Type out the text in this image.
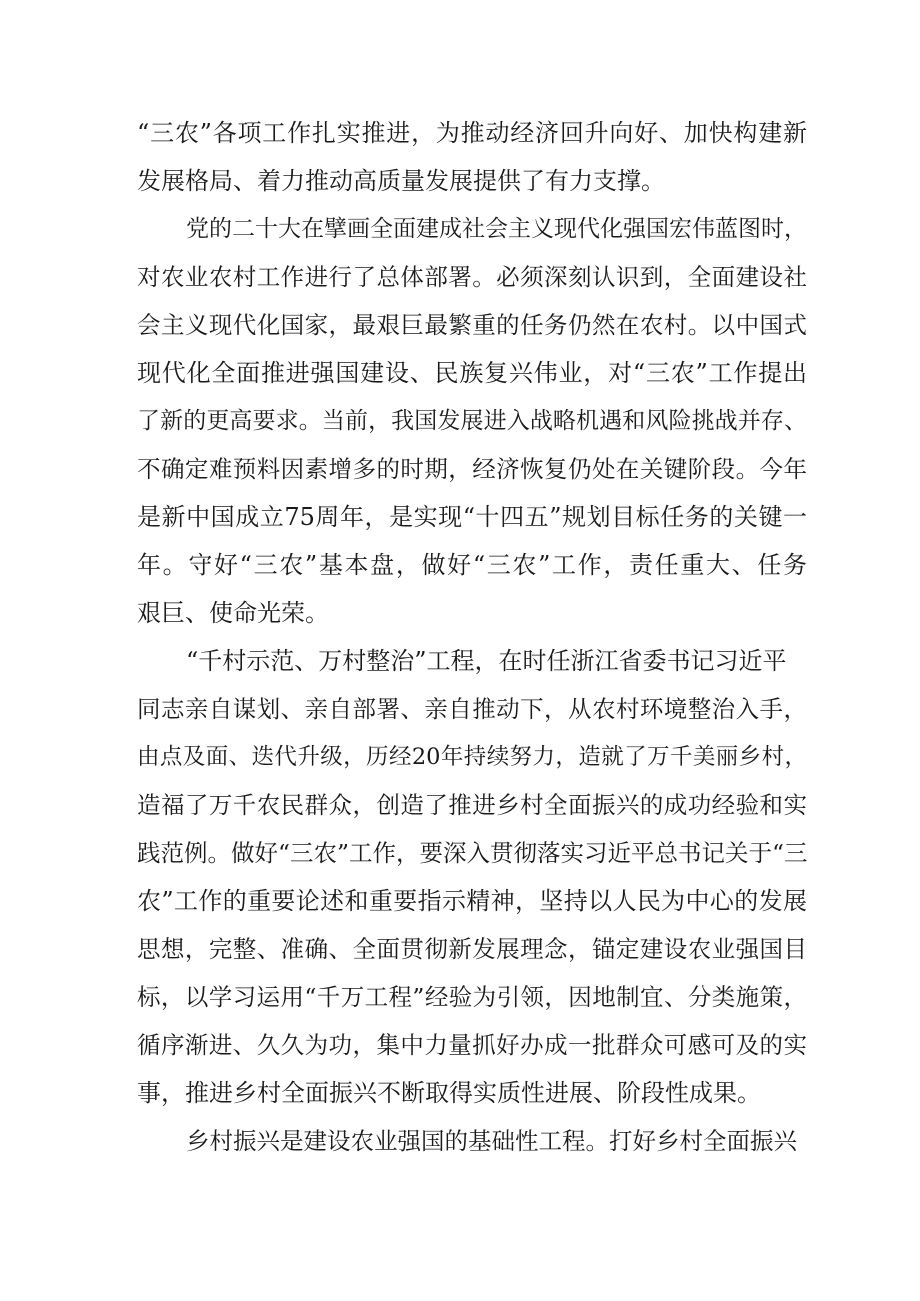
“三农”各项工作扎实推进，为推动经济回升向好、加快构建新
发展格局、着力推动高质量发展提供了有力支撑。
党的二十大在擘画全面建成社会主义现代化强国宏伟蓝图时，
对农业农村工作进行了总体部署。必须深刻认识到，全面建设社
会主义现代化国家，最艰巨最繁重的任务仍然在农村。以中国式
现代化全面推进强国建设、民族复兴伟业，对“三农”工作提出
了新的更高要求。当前，我国发展进入战略机遇和风险挑战并存、
不确定难预料因素增多的时期，经济恢复仍处在关键阶段。今年
是新中国成立75周年，是实现“十四五”规划目标任务的关键一
年。守好“三农”基本盘，做好“三农”工作，责任重大、任务
艰巨、使命光荣。
“千村示范、万村整治”工程，在时任浙江省委书记习近平
同志亲自谋划、亲自部署、亲自推动下，从农村环境整治入手，
由点及面、迭代升级，历经20年持续努力，造就了万千美丽乡村，
造福了万千农民群众，创造了推进乡村全面振兴的成功经验和实
践范例。做好“三农”工作，要深入贯彻落实习近平总书记关于“三
农”工作的重要论述和重要指示精神，坚持以人民为中心的发展
思想，完整、准确、全面贯彻新发展理念，锚定建设农业强国目
标，以学习运用“千万工程”经验为引领，因地制宜、分类施策，
循序渐进、久久为功，集中力量抓好办成一批群众可感可及的实
事，推进乡村全面振兴不断取得实质性进展、阶段性成果。
乡村振兴是建设农业强国的基础性工程。打好乡村全面振兴
